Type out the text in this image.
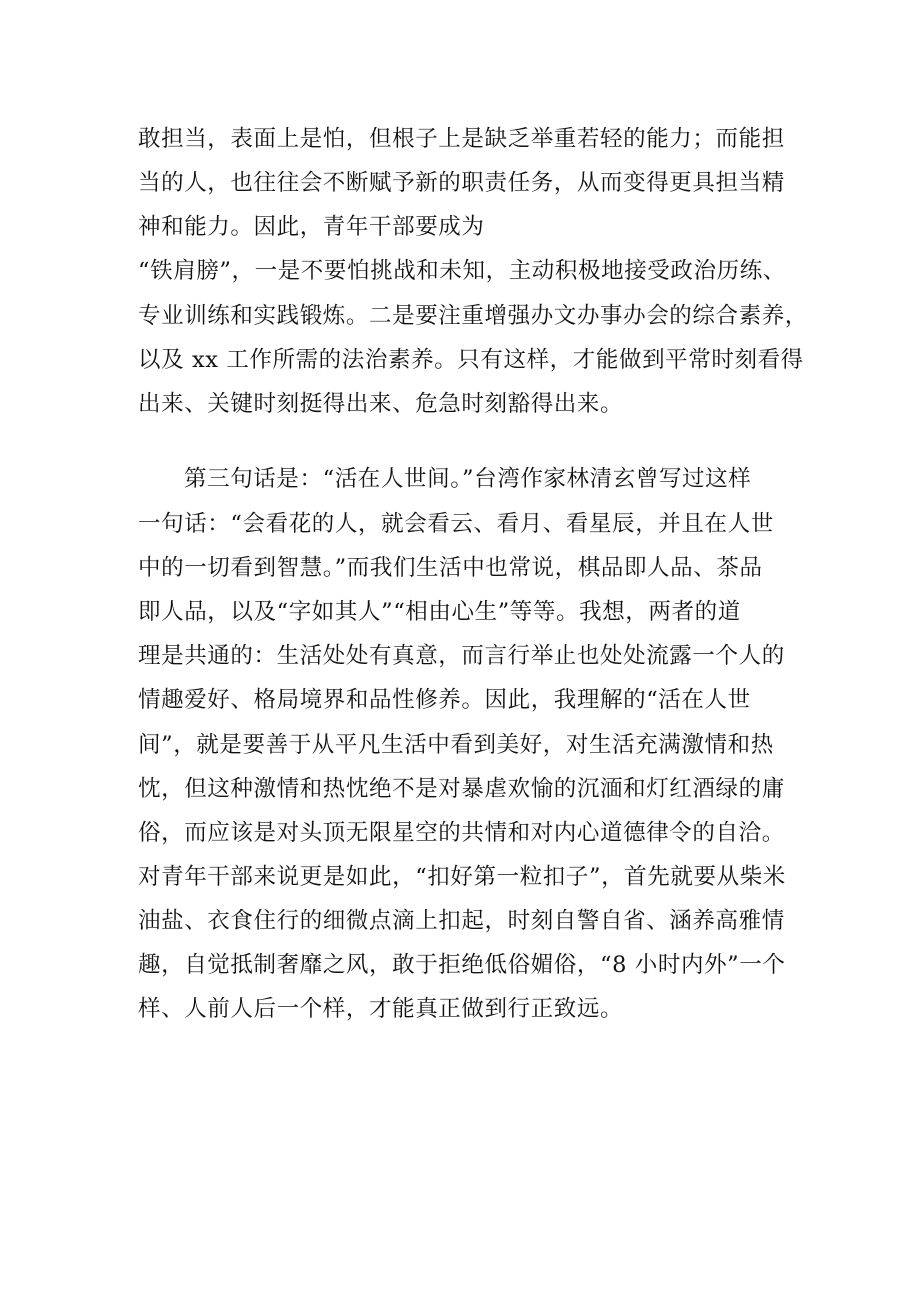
敢担当，表面上是怕，但根子上是缺乏举重若轻的能力；而能担
当的人，也往往会不断赋予新的职责任务，从而变得更具担当精
神和能力。因此，青年干部要成为
“铁肩膀”，一是不要怕挑战和未知，主动积极地接受政治历练、
专业训练和实践锻炼。二是要注重增强办文办事办会的综合素养，
以及 xx 工作所需的法治素养。只有这样，才能做到平常时刻看得
出来、关键时刻挺得出来、危急时刻豁得出来。
第三句话是：“活在人世间。”台湾作家林清玄曾写过这样
一句话：“会看花的人，就会看云、看月、看星辰，并且在人世
中的一切看到智慧。”而我们生活中也常说，棋品即人品、茶品
即人品，以及“字如其人”“相由心生”等等。我想，两者的道
理是共通的：生活处处有真意，而言行举止也处处流露一个人的
情趣爱好、格局境界和品性修养。因此，我理解的“活在人世
间”，就是要善于从平凡生活中看到美好，对生活充满激情和热
忱，但这种激情和热忱绝不是对暴虐欢愉的沉湎和灯红酒绿的庸
俗，而应该是对头顶无限星空的共情和对内心道德律令的自洽。
对青年干部来说更是如此，“扣好第一粒扣子”，首先就要从柴米
油盐、衣食住行的细微点滴上扣起，时刻自警自省、涵养高雅情
趣，自觉抵制奢靡之风，敢于拒绝低俗媚俗，“8 小时内外”一个
样、人前人后一个样，才能真正做到行正致远。
